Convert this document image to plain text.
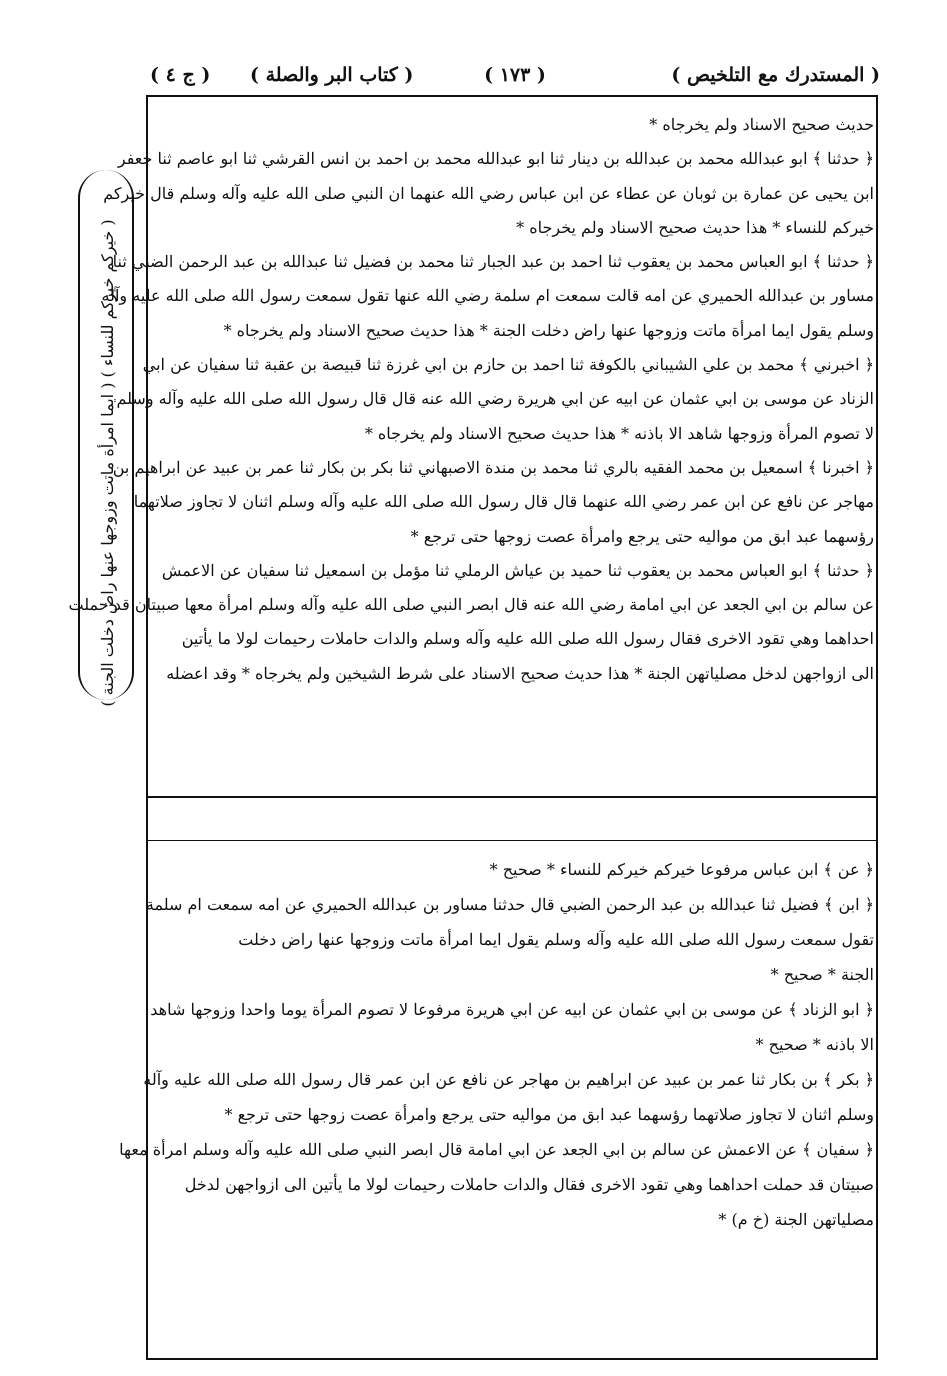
( المستدرك مع التلخيص )
( ١٧٣ )
( كتاب البر والصلة )      ( ج ٤ )
حديث صحيح الاسناد ولم يخرجاه *
﴿ حدثنا ﴾ ابو عبدالله محمد بن عبدالله بن دينار ثنا ابو عبدالله محمد بن احمد بن انس القرشي ثنا ابو عاصم ثنا جعفر
ابن يحيى عن عمارة بن ثوبان عن عطاء عن ابن عباس رضي الله عنهما ان النبي صلى الله عليه وآله وسلم قال خيركم
خيركم للنساء * هذا حديث صحيح الاسناد ولم يخرجاه *
﴿ حدثنا ﴾ ابو العباس محمد بن يعقوب ثنا احمد بن عبد الجبار ثنا محمد بن فضيل ثنا عبدالله بن عبد الرحمن الضبي ثنا
مساور بن عبدالله الحميري عن امه قالت سمعت ام سلمة رضي الله عنها تقول سمعت رسول الله صلى الله عليه وآله
وسلم يقول ايما امرأة ماتت وزوجها عنها راض دخلت الجنة * هذا حديث صحيح الاسناد ولم يخرجاه *
﴿ اخبرني ﴾ محمد بن علي الشيباني بالكوفة ثنا احمد بن حازم بن ابي غرزة ثنا قبيصة بن عقبة ثنا سفيان عن ابي
الزناد عن موسى بن ابي عثمان عن ابيه عن ابي هريرة رضي الله عنه قال قال رسول الله صلى الله عليه وآله وسلم
لا تصوم المرأة وزوجها شاهد الا باذنه * هذا حديث صحيح الاسناد ولم يخرجاه *
﴿ اخبرنا ﴾ اسمعيل بن محمد الفقيه بالري ثنا محمد بن مندة الاصبهاني ثنا بكر بن بكار ثنا عمر بن عبيد عن ابراهيم بن
مهاجر عن نافع عن ابن عمر رضي الله عنهما قال قال رسول الله صلى الله عليه وآله وسلم اثنان لا تجاوز صلاتهما
رؤسهما عبد ابق من مواليه حتى يرجع وامرأة عصت زوجها حتى ترجع *
﴿ حدثنا ﴾ ابو العباس محمد بن يعقوب ثنا حميد بن عياش الرملي ثنا مؤمل بن اسمعيل ثنا سفيان عن الاعمش
عن سالم بن ابي الجعد عن ابي امامة رضي الله عنه قال ابصر النبي صلى الله عليه وآله وسلم امرأة معها صبيتان قد حملت
احداهما وهي تقود الاخرى فقال رسول الله صلى الله عليه وآله وسلم والدات حاملات رحيمات لولا ما يأتين
الى ازواجهن لدخل مصلياتهن الجنة * هذا حديث صحيح الاسناد على شرط الشيخين ولم يخرجاه * وقد اعضله
﴿ عن ﴾ ابن عباس مرفوعا خيركم خيركم للنساء * صحيح *
﴿ ابن ﴾ فضيل ثنا عبدالله بن عبد الرحمن الضبي قال حدثنا مساور بن عبدالله الحميري عن امه سمعت ام سلمة
تقول سمعت رسول الله صلى الله عليه وآله وسلم يقول ايما امرأة ماتت وزوجها عنها راض دخلت
الجنة * صحيح *
﴿ ابو الزناد ﴾ عن موسى بن ابي عثمان عن ابيه عن ابي هريرة مرفوعا لا تصوم المرأة يوما واحدا وزوجها شاهد
الا باذنه * صحيح *
﴿ بكر ﴾ بن بكار ثنا عمر بن عبيد عن ابراهيم بن مهاجر عن نافع عن ابن عمر قال رسول الله صلى الله عليه وآله
وسلم اثنان لا تجاوز صلاتهما رؤسهما عبد ابق من مواليه حتى يرجع وامرأة عصت زوجها حتى ترجع *
﴿ سفيان ﴾ عن الاعمش عن سالم بن ابي الجعد عن ابي امامة قال ابصر النبي صلى الله عليه وآله وسلم امرأة معها
صبيتان قد حملت احداهما وهي تقود الاخرى فقال والدات حاملات رحيمات لولا ما يأتين الى ازواجهن لدخل
مصلياتهن الجنة (خ م) *
( خيركم خيركم للنساء ) ( ايما امرأة ماتت وزوجها عنها راض دخلت الجنة )
